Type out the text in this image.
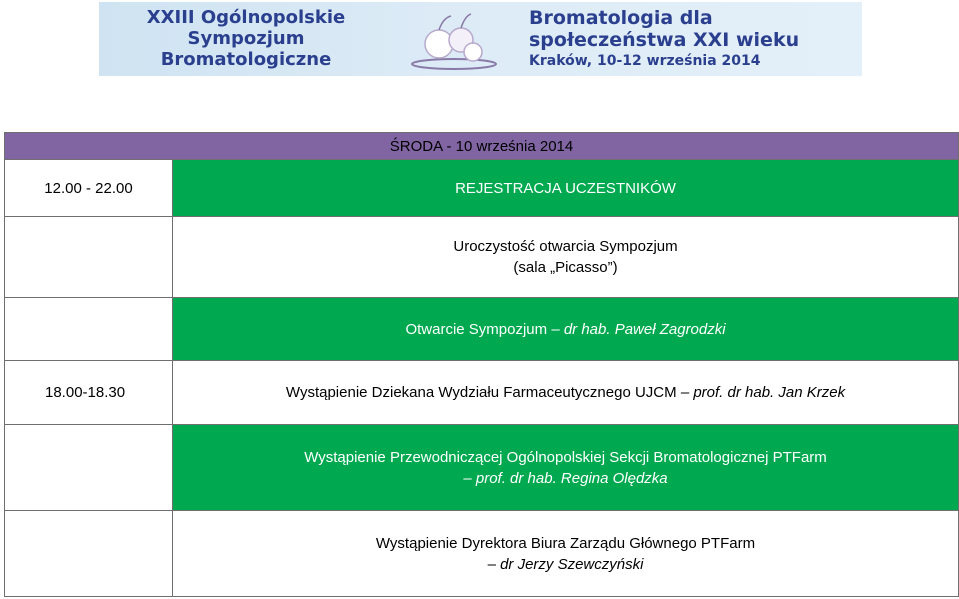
XXIII Ogólnopolskie
Sympozjum
Bromatologiczne
Bromatologia dla
społeczeństwa XXI wieku
Kraków, 10-12 września 2014
ŚRODA - 10 września 2014	
12.00 - 22.00	REJESTRACJA UCZESTNIKÓW

	Uroczystość otwarcia Sympozjum
(sala „Picasso”)

	Otwarcie Sympozjum – dr hab. Paweł Zagrodzki
18.00-18.30	Wystąpienie Dziekana Wydziału Farmaceutycznego UJCM – prof. dr hab. Jan Krzek

	Wystąpienie Przewodniczącej Ogólnopolskiej Sekcji Bromatologicznej PTFarm
– prof. dr hab. Regina Olędzka

	Wystąpienie Dyrektora Biura Zarządu Głównego PTFarm
– dr Jerzy Szewczyński
